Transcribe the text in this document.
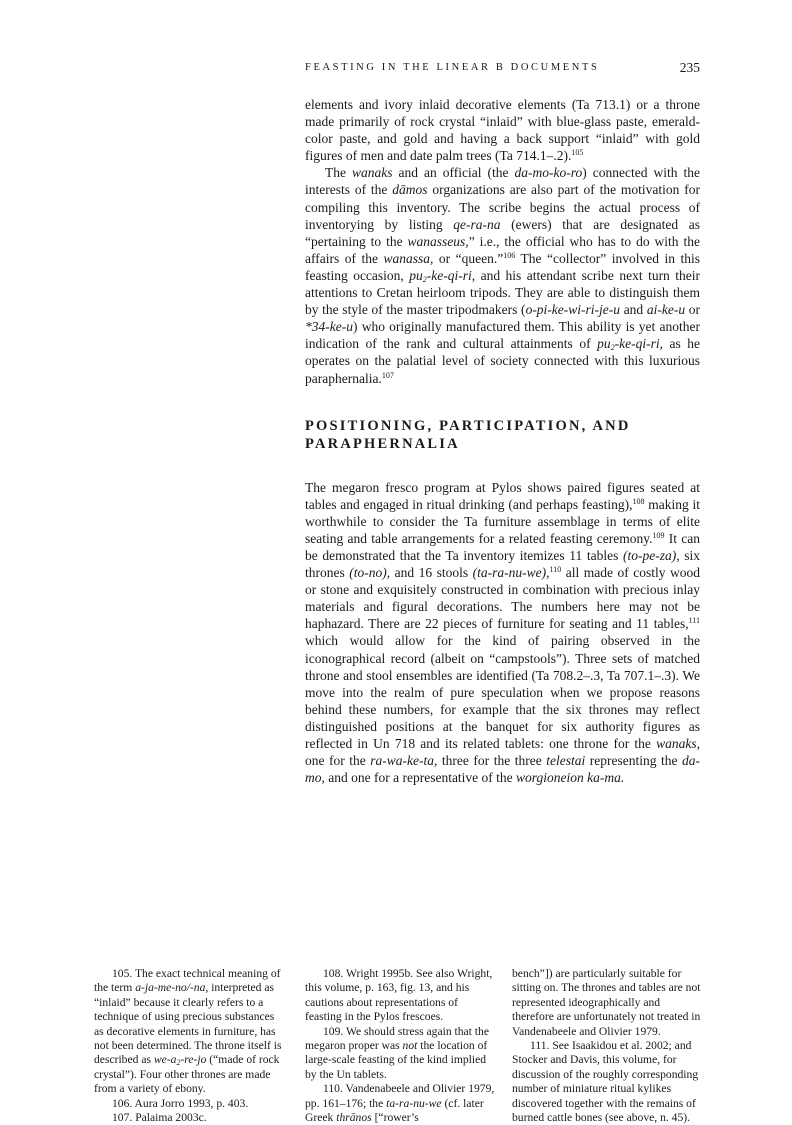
FEASTING IN THE LINEAR B DOCUMENTS	235

elements and ivory inlaid decorative elements (Ta 713.1) or a throne made primarily of rock crystal “inlaid” with blue-glass paste, emerald-color paste, and gold and having a back support “inlaid” with gold figures of men and date palm trees (Ta 714.1–.2).$^{105}$

The wanaks and an official (the da-mo-ko-ro) connected with the interests of the dāmos organizations are also part of the motivation for compiling this inventory. The scribe begins the actual process of inventorying by listing qe-ra-na (ewers) that are designated as “pertaining to the wanasseus,” i.e., the official who has to do with the affairs of the wanassa, or “queen.”$^{106}$ The “collector” involved in this feasting occasion, $pu_2-ke-qi-ri$, and his attendant scribe next turn their attentions to Cretan heirloom tripods. They are able to distinguish them by the style of the master tripodmakers (o-pi-ke-wi-ri-je-u and ai-ke-u or *34-ke-u) who originally manufactured them. This ability is yet another indication of the rank and cultural attainments of $pu_2-ke-qi-ri$, as he operates on the palatial level of society connected with this luxurious paraphernalia.$^{107}$

POSITIONING, PARTICIPATION, AND PARAPHERNALIA

The megaron fresco program at Pylos shows paired figures seated at tables and engaged in ritual drinking (and perhaps feasting),$^{108}$ making it worthwhile to consider the Ta furniture assemblage in terms of elite seating and table arrangements for a related feasting ceremony.$^{109}$ It can be demonstrated that the Ta inventory itemizes 11 tables (to-pe-za), six thrones (to-no), and 16 stools (ta-ra-nu-we),$^{110}$ all made of costly wood or stone and exquisitely constructed in combination with precious inlay materials and figural decorations. The numbers here may not be haphazard. There are 22 pieces of furniture for seating and 11 tables,$^{111}$ which would allow for the kind of pairing observed in the iconographical record (albeit on “campstools”). Three sets of matched throne and stool ensembles are identified (Ta 708.2–.3, Ta 707.1–.3). We move into the realm of pure speculation when we propose reasons behind these numbers, for example that the six thrones may reflect distinguished positions at the banquet for six authority figures as reflected in Un 718 and its related tablets: one throne for the wanaks, one for the ra-wa-ke-ta, three for the three telestai representing the da-mo, and one for a representative of the worgioneion ka-ma.

105. The exact technical meaning of the term a-ja-me-no/-na, interpreted as “inlaid” because it clearly refers to a technique of using precious substances as decorative elements in furniture, has not been determined. The throne itself is described as $we-a_2-re-jo$ (“made of rock crystal”). Four other thrones are made from a variety of ebony.

106. Aura Jorro 1993, p. 403.

107. Palaima 2003c.

108. Wright 1995b. See also Wright, this volume, p. 163, fig. 13, and his cautions about representations of feasting in the Pylos frescoes.

109. We should stress again that the megaron proper was not the location of large-scale feasting of the kind implied by the Un tablets.

110. Vandenabeele and Olivier 1979, pp. 161–176; the ta-ra-nu-we (cf. later Greek thrānos [“rower’s

bench”]) are particularly suitable for sitting on. The thrones and tables are not represented ideographically and therefore are unfortunately not treated in Vandenabeele and Olivier 1979.

111. See Isaakidou et al. 2002; and Stocker and Davis, this volume, for discussion of the roughly corresponding number of miniature ritual kylikes discovered together with the remains of burned cattle bones (see above, n. 45).
